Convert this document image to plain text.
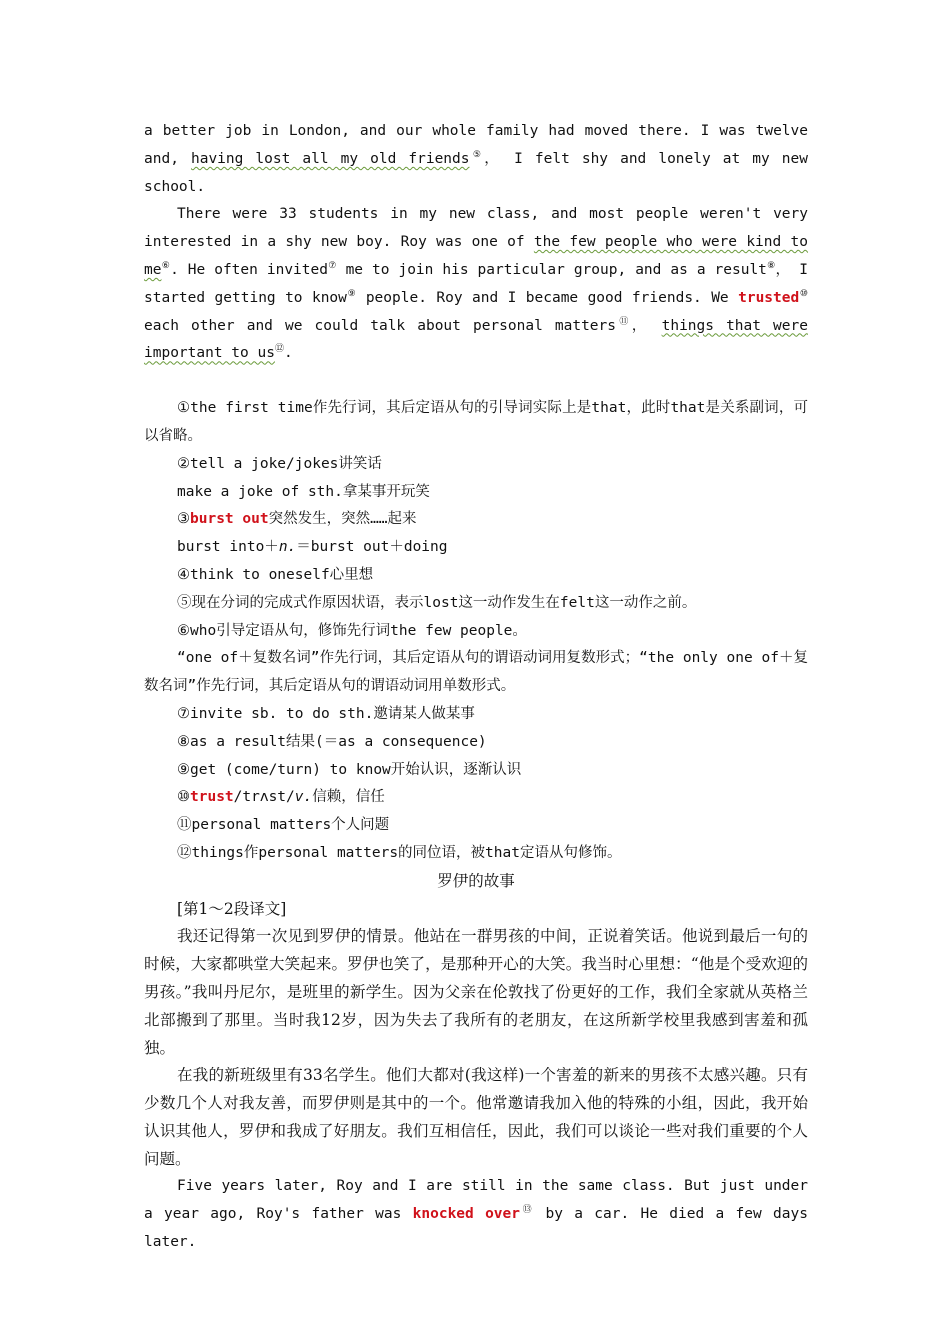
a better job in London, and our whole family had moved there. I was twelve and, having lost all my old friends⑤， I felt shy and lonely at my new school.

There were 33 students in my new class, and most people weren't very interested in a shy new boy. Roy was one of the few people who were kind to me⑥. He often invited⑦ me to join his particular group, and as a result⑧， I started getting to know⑨ people. Roy and I became good friends. We trusted⑩ each other and we could talk about personal matters⑪， things that were important to us⑫.

①the first time作先行词，其后定语从句的引导词实际上是that，此时that是关系副词，可以省略。

②tell a joke/jokes讲笑话

make a joke of sth.拿某事开玩笑

③burst out突然发生，突然……起来

burst into＋n.＝burst out＋doing

④think to oneself心里想

⑤现在分词的完成式作原因状语，表示lost这一动作发生在felt这一动作之前。

⑥who引导定语从句，修饰先行词the few people。

“one of＋复数名词”作先行词，其后定语从句的谓语动词用复数形式；“the only one of＋复数名词”作先行词，其后定语从句的谓语动词用单数形式。

⑦invite sb. to do sth.邀请某人做某事

⑧as a result结果(＝as a consequence)

⑨get (come/turn) to know开始认识，逐渐认识

⑩trust/trʌst/v.信赖，信任

⑪personal matters个人问题

⑫things作personal matters的同位语，被that定语从句修饰。

罗伊的故事

[第1～2段译文]

我还记得第一次见到罗伊的情景。他站在一群男孩的中间，正说着笑话。他说到最后一句的时候，大家都哄堂大笑起来。罗伊也笑了，是那种开心的大笑。我当时心里想：“他是个受欢迎的男孩。”我叫丹尼尔，是班里的新学生。因为父亲在伦敦找了份更好的工作，我们全家就从英格兰北部搬到了那里。当时我12岁，因为失去了我所有的老朋友，在这所新学校里我感到害羞和孤独。

在我的新班级里有33名学生。他们大都对(我这样)一个害羞的新来的男孩不太感兴趣。只有少数几个人对我友善，而罗伊则是其中的一个。他常邀请我加入他的特殊的小组，因此，我开始认识其他人，罗伊和我成了好朋友。我们互相信任，因此，我们可以谈论一些对我们重要的个人问题。

Five years later, Roy and I are still in the same class. But just under a year ago, Roy's father was knocked over⑬ by a car. He died a few days later.
